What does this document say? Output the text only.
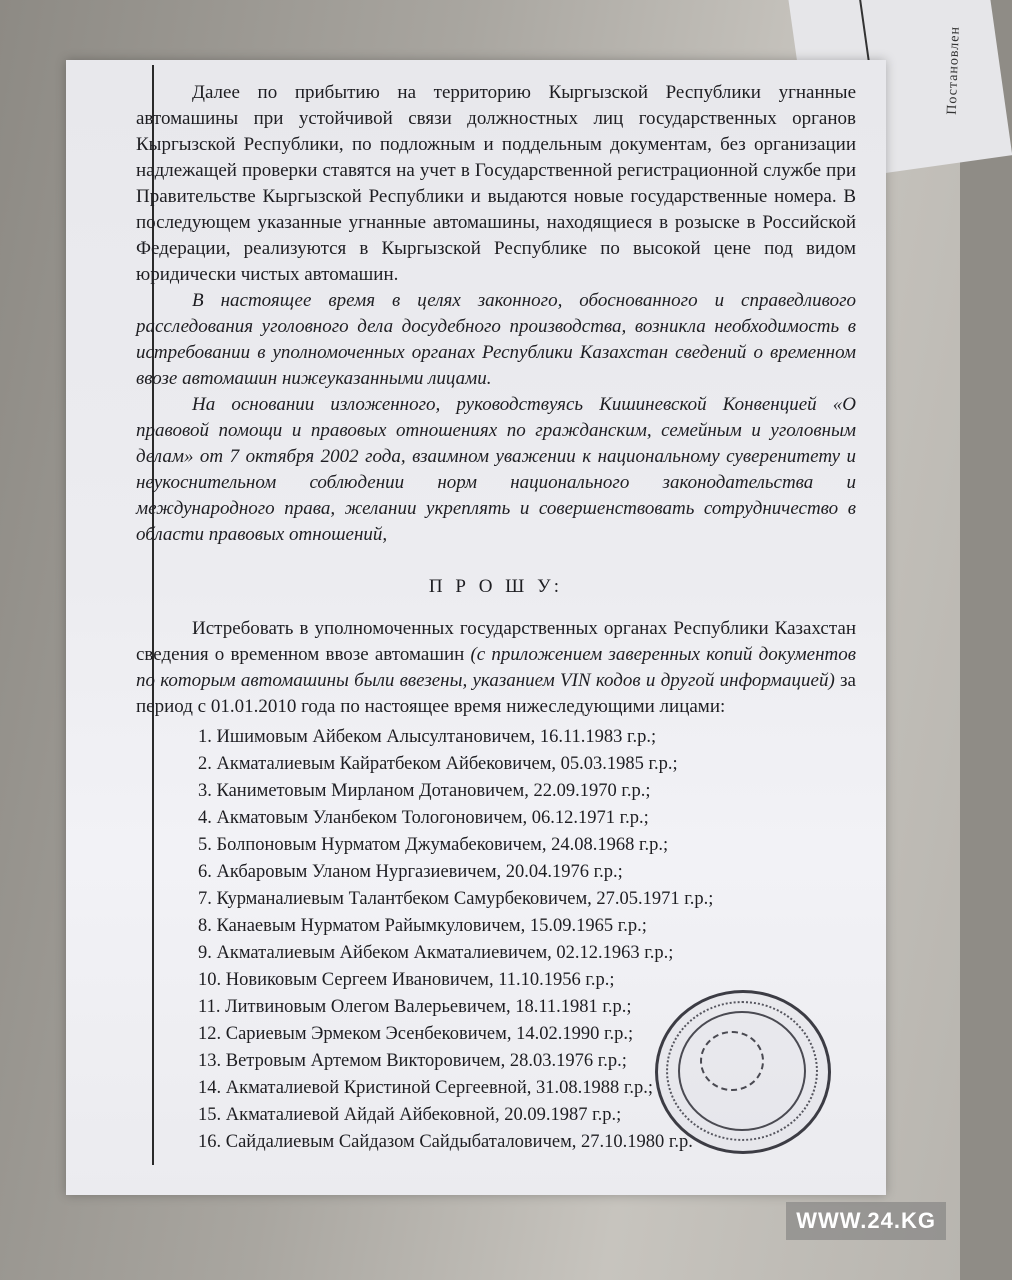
Постановлен

Далее по прибытию на территорию Кыргызской Республики угнанные автомашины при устойчивой связи должностных лиц государственных органов Кыргызской Республики, по подложным и поддельным документам, без организации надлежащей проверки ставятся на учет в Государственной регистрационной службе при Правительстве Кыргызской Республики и выдаются новые государственные номера. В последующем указанные угнанные автомашины, находящиеся в розыске в Российской Федерации, реализуются в Кыргызской Республике по высокой цене под видом юридически чистых автомашин.

В настоящее время в целях законного, обоснованного и справедливого расследования уголовного дела досудебного производства, возникла необходимость в истребовании в уполномоченных органах Республики Казахстан сведений о временном ввозе автомашин нижеуказанными лицами.

На основании изложенного, руководствуясь Кишиневской Конвенцией «О правовой помощи и правовых отношениях по гражданским, семейным и уголовным делам» от 7 октября 2002 года, взаимном уважении к национальному суверенитету и неукоснительном соблюдении норм национального законодательства и международного права, желании укреплять и совершенствовать сотрудничество в области правовых отношений,

П Р О Ш У:

Истребовать в уполномоченных государственных органах Республики Казахстан сведения о временном ввозе автомашин (с приложением заверенных копий документов по которым автомашины были ввезены, указанием VIN кодов и другой информацией) за период с 01.01.2010 года по настоящее время нижеследующими лицами:

1. Ишимовым Айбеком Алысултановичем, 16.11.1983 г.р.;
2. Акматалиевым Кайратбеком Айбековичем, 05.03.1985 г.р.;
3. Каниметовым Мирланом Дотановичем, 22.09.1970 г.р.;
4. Акматовым Уланбеком Тологоновичем, 06.12.1971 г.р.;
5. Болпоновым Нурматом Джумабековичем, 24.08.1968 г.р.;
6. Акбаровым Уланом Нургазиевичем, 20.04.1976 г.р.;
7. Курманалиевым Талантбеком Самурбековичем, 27.05.1971 г.р.;
8. Канаевым Нурматом Райымкуловичем, 15.09.1965 г.р.;
9. Акматалиевым Айбеком Акматалиевичем, 02.12.1963 г.р.;
10. Новиковым Сергеем Ивановичем, 11.10.1956 г.р.;
11. Литвиновым Олегом Валерьевичем, 18.11.1981 г.р.;
12. Сариевым Эрмеком Эсенбековичем, 14.02.1990 г.р.;
13. Ветровым Артемом Викторовичем, 28.03.1976 г.р.;
14. Акматалиевой Кристиной Сергеевной, 31.08.1988 г.р.;
15. Акматалиевой Айдай Айбековной, 20.09.1987 г.р.;
16. Сайдалиевым Сайдазом Сайдыбаталовичем, 27.10.1980 г.р.
WWW.24.KG
